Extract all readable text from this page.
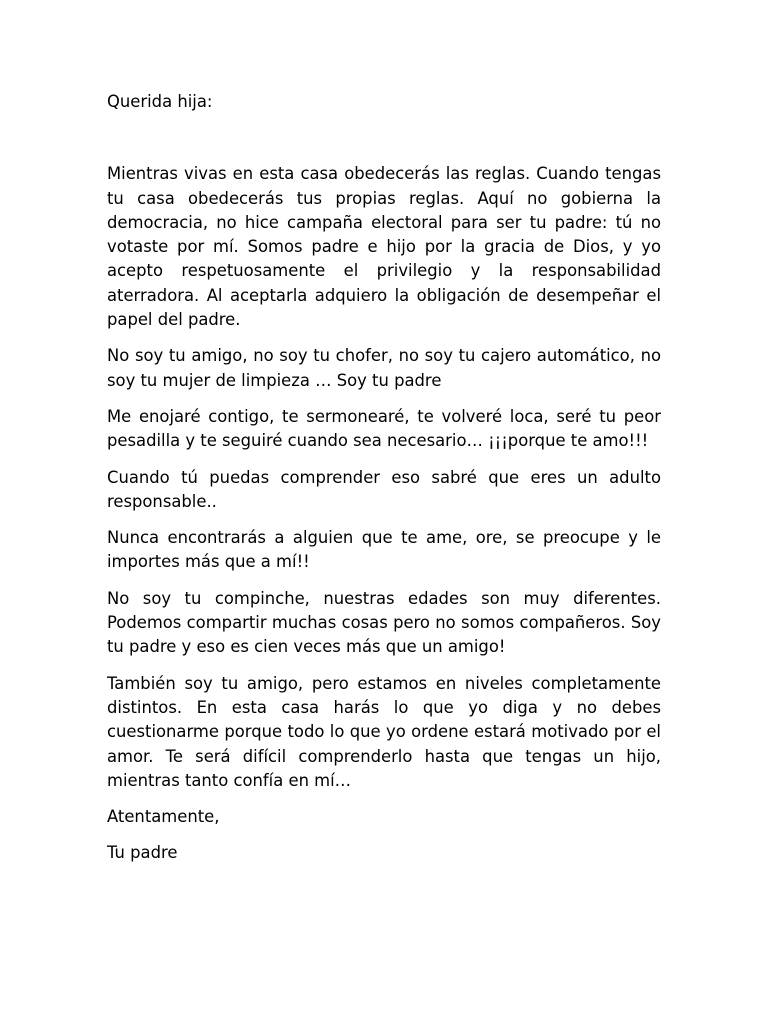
Querida hija:

Mientras vivas en esta casa obedecerás las reglas. Cuando tengas tu casa obedecerás tus propias reglas. Aquí no gobierna la democracia, no hice campaña electoral para ser tu padre: tú no votaste por mí. Somos padre e hijo por la gracia de Dios, y yo acepto respetuosamente el privilegio y la responsabilidad aterradora. Al aceptarla adquiero la obligación de desempeñar el papel del padre.

No soy tu amigo, no soy tu chofer, no soy tu cajero automático, no soy tu mujer de limpieza … Soy tu padre

Me enojaré contigo, te sermonearé, te volveré loca, seré tu peor pesadilla y te seguiré cuando sea necesario… ¡¡¡porque te amo!!!

Cuando tú puedas comprender eso sabré que eres un adulto responsable..

Nunca encontrarás a alguien que te ame, ore, se preocupe y le importes más que a mí!!

No soy tu compinche, nuestras edades son muy diferentes. Podemos compartir muchas cosas pero no somos compañeros. Soy tu padre y eso es cien veces más que un amigo!

También soy tu amigo, pero estamos en niveles completamente distintos. En esta casa harás lo que yo diga y no debes cuestionarme porque todo lo que yo ordene estará motivado por el amor. Te será difícil comprenderlo hasta que tengas un hijo, mientras tanto confía en mí…

Atentamente,

Tu padre
